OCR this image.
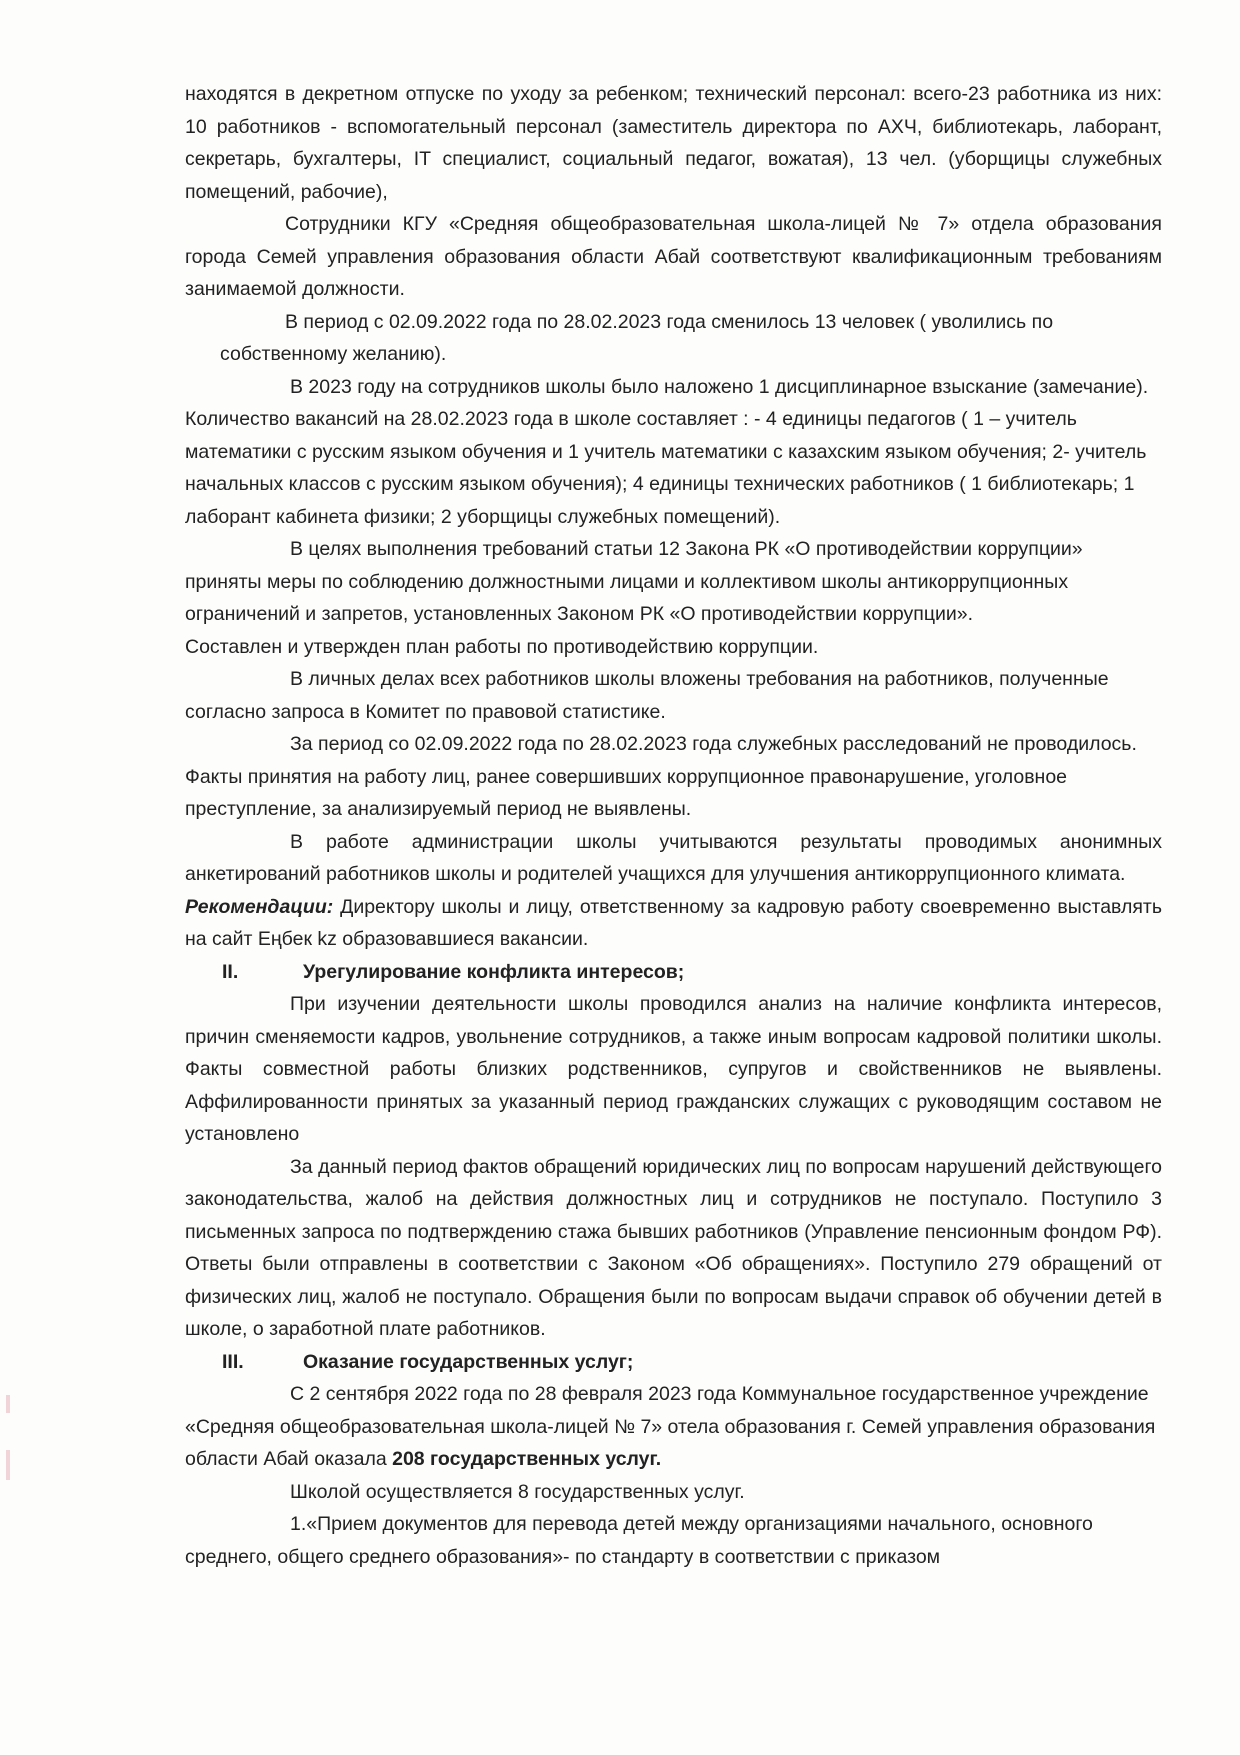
находятся в декретном отпуске по уходу за ребенком; технический персонал: всего-23 работника из них: 10 работников - вспомогательный персонал (заместитель директора по АХЧ, библиотекарь, лаборант, секретарь, бухгалтеры, IT специалист, социальный педагог, вожатая), 13 чел. (уборщицы служебных помещений, рабочие),

Сотрудники КГУ «Средняя общеобразовательная школа-лицей № 7» отдела образования города Семей управления образования области Абай соответствуют квалификационным требованиям занимаемой должности.

В период с 02.09.2022 года по 28.02.2023 года сменилось 13 человек ( уволились по собственному желанию).

В 2023 году на сотрудников школы было наложено 1 дисциплинарное взыскание (замечание).

Количество вакансий на 28.02.2023 года в школе составляет : - 4 единицы педагогов ( 1 – учитель математики с русским языком обучения и 1 учитель математики с казахским языком обучения; 2- учитель начальных классов с русским языком обучения); 4 единицы технических работников ( 1 библиотекарь; 1 лаборант кабинета физики; 2 уборщицы служебных помещений).

В целях выполнения требований статьи 12 Закона РК «О противодействии коррупции» приняты меры по соблюдению должностными лицами и коллективом школы антикоррупционных ограничений и запретов, установленных Законом РК «О противодействии коррупции».

Составлен и утвержден план работы по противодействию коррупции.

В личных делах всех работников школы вложены требования на работников, полученные согласно запроса в Комитет по правовой статистике.

За период со 02.09.2022 года по 28.02.2023 года служебных расследований не проводилось. Факты принятия на работу лиц, ранее совершивших коррупционное правонарушение, уголовное преступление, за анализируемый период не выявлены.

В работе администрации школы учитываются результаты проводимых анонимных анкетирований работников школы и родителей учащихся для улучшения антикоррупционного климата.

Рекомендации: Директору школы и лицу, ответственному за кадровую работу своевременно выставлять на сайт Еңбек kz образовавшиеся вакансии.

II.	Урегулирование конфликта интересов;

При изучении деятельности школы проводился анализ на наличие конфликта интересов, причин сменяемости кадров, увольнение сотрудников, а также иным вопросам кадровой политики школы. Факты совместной работы близких родственников, супругов и свойственников не выявлены. Аффилированности принятых за указанный период гражданских служащих с руководящим составом не установлено

За данный период фактов обращений юридических лиц по вопросам нарушений действующего законодательства, жалоб на действия должностных лиц и сотрудников не поступало. Поступило 3 письменных запроса по подтверждению стажа бывших работников (Управление пенсионным фондом РФ). Ответы были отправлены в соответствии с Законом «Об обращениях». Поступило 279 обращений от физических лиц, жалоб не поступало. Обращения были по вопросам выдачи справок об обучении детей в школе, о заработной плате работников.

III.	Оказание государственных услуг;

С 2 сентября 2022 года по 28 февраля 2023 года Коммунальное государственное учреждение «Средняя общеобразовательная школа-лицей № 7» отела образования г. Семей управления образования области Абай оказала 208 государственных услуг.

Школой осуществляется 8 государственных услуг.

1.«Прием документов для перевода детей между организациями начального, основного среднего, общего среднего образования»- по стандарту в соответствии с приказом
